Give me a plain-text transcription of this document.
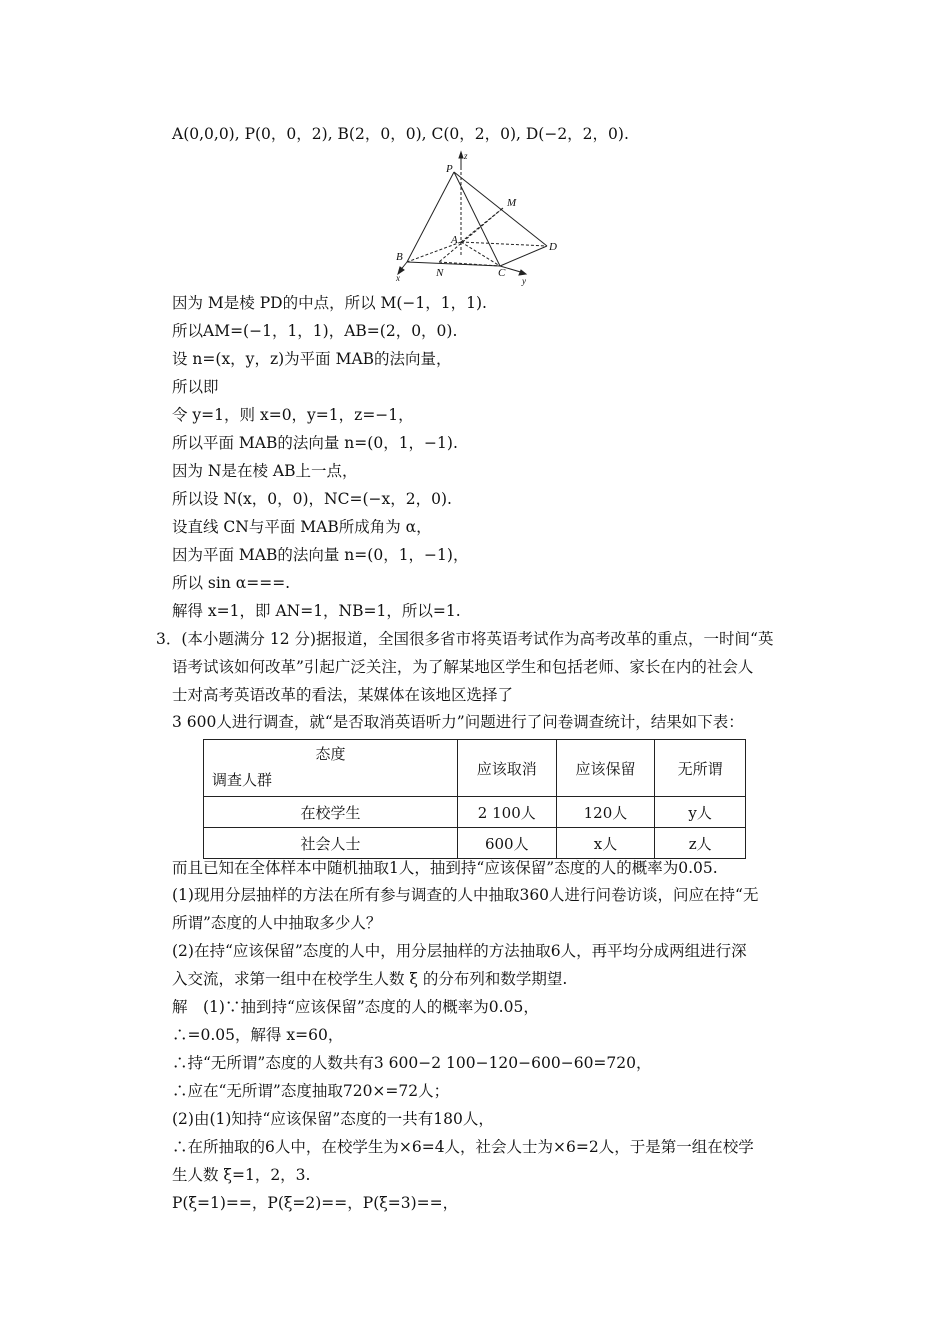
A(0,0,0), P(0，0，2), B(2，0，0), C(0，2，0), D(−2，2，0).
P
M
A
D
B
N	C
x	y
z
因为 M是棱 PD的中点，所以 M(−1，1，1).
所以AM=(−1，1，1)，AB=(2，0，0).
设 n=(x，y，z)为平面 MAB的法向量，
所以即
令 y=1，则 x=0，y=1，z=−1，
所以平面 MAB的法向量 n=(0，1，−1).
因为 N是在棱 AB上一点，
所以设 N(x，0，0)，NC=(−x，2，0).
设直线 CN与平面 MAB所成角为 α，
因为平面 MAB的法向量 n=(0，1，−1)，
所以 sin α===.
解得 x=1，即 AN=1，NB=1，所以=1.
3．(本小题满分 12 分)据报道，全国很多省市将英语考试作为高考改革的重点，一时间“英
语考试该如何改革”引起广泛关注，为了解某地区学生和包括老师、家长在内的社会人
士对高考英语改革的看法，某媒体在该地区选择了
3 600人进行调查，就“是否取消英语听力”问题进行了问卷调查统计，结果如下表：
态度
调查人群	应该取消	应该保留	无所谓
在校学生	2 100人	120人	y人
社会人士	600人	x人	z人
而且已知在全体样本中随机抽取1人，抽到持“应该保留”态度的人的概率为0.05.
(1)现用分层抽样的方法在所有参与调查的人中抽取360人进行问卷访谈，问应在持“无
所谓”态度的人中抽取多少人？
(2)在持“应该保留”态度的人中，用分层抽样的方法抽取6人，再平均分成两组进行深
入交流，求第一组中在校学生人数 ξ 的分布列和数学期望.
解　(1)∵抽到持“应该保留”态度的人的概率为0.05，
∴=0.05，解得 x=60，
∴持“无所谓”态度的人数共有3 600−2 100−120−600−60=720，
∴应在“无所谓”态度抽取720×=72人；
(2)由(1)知持“应该保留”态度的一共有180人，
∴在所抽取的6人中，在校学生为×6=4人，社会人士为×6=2人，于是第一组在校学
生人数 ξ=1，2，3.
P(ξ=1)==，P(ξ=2)==，P(ξ=3)==，
